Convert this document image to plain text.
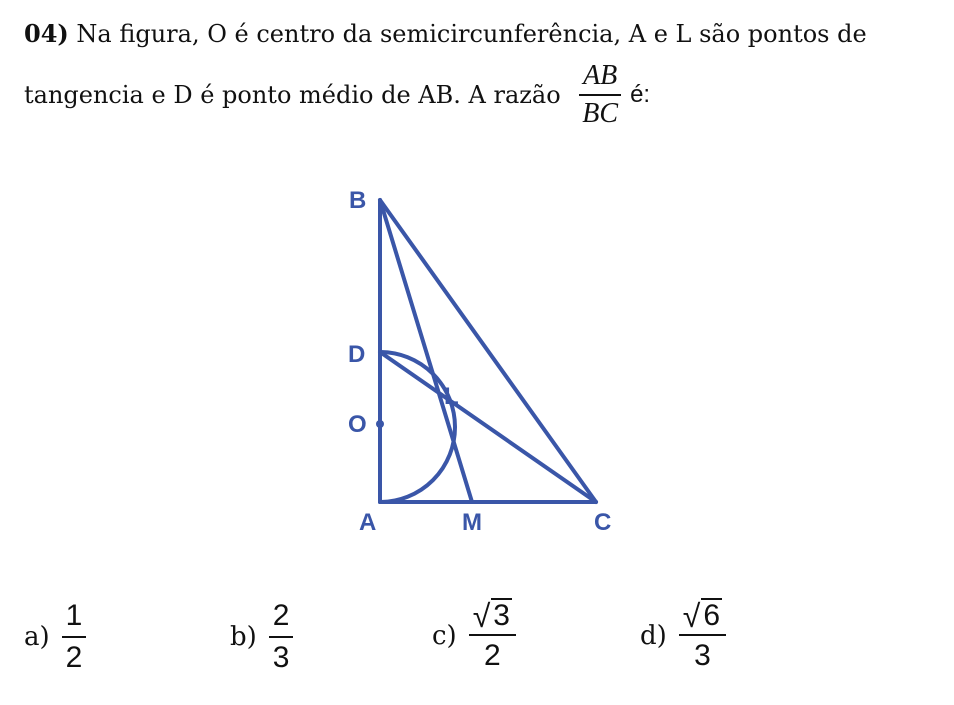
04) Na figura, O é centro da semicircunferência, A e L são pontos de
tangencia e D é ponto médio de AB. A razão $\frac{AB}{BC}$ é:
B
D
O
L
A	M	C
$a) \frac{1}{2}$	$b) \frac{2}{3}$	$c) \frac{√ 3}{2}$	$d) \frac{√ 6}{3}$
